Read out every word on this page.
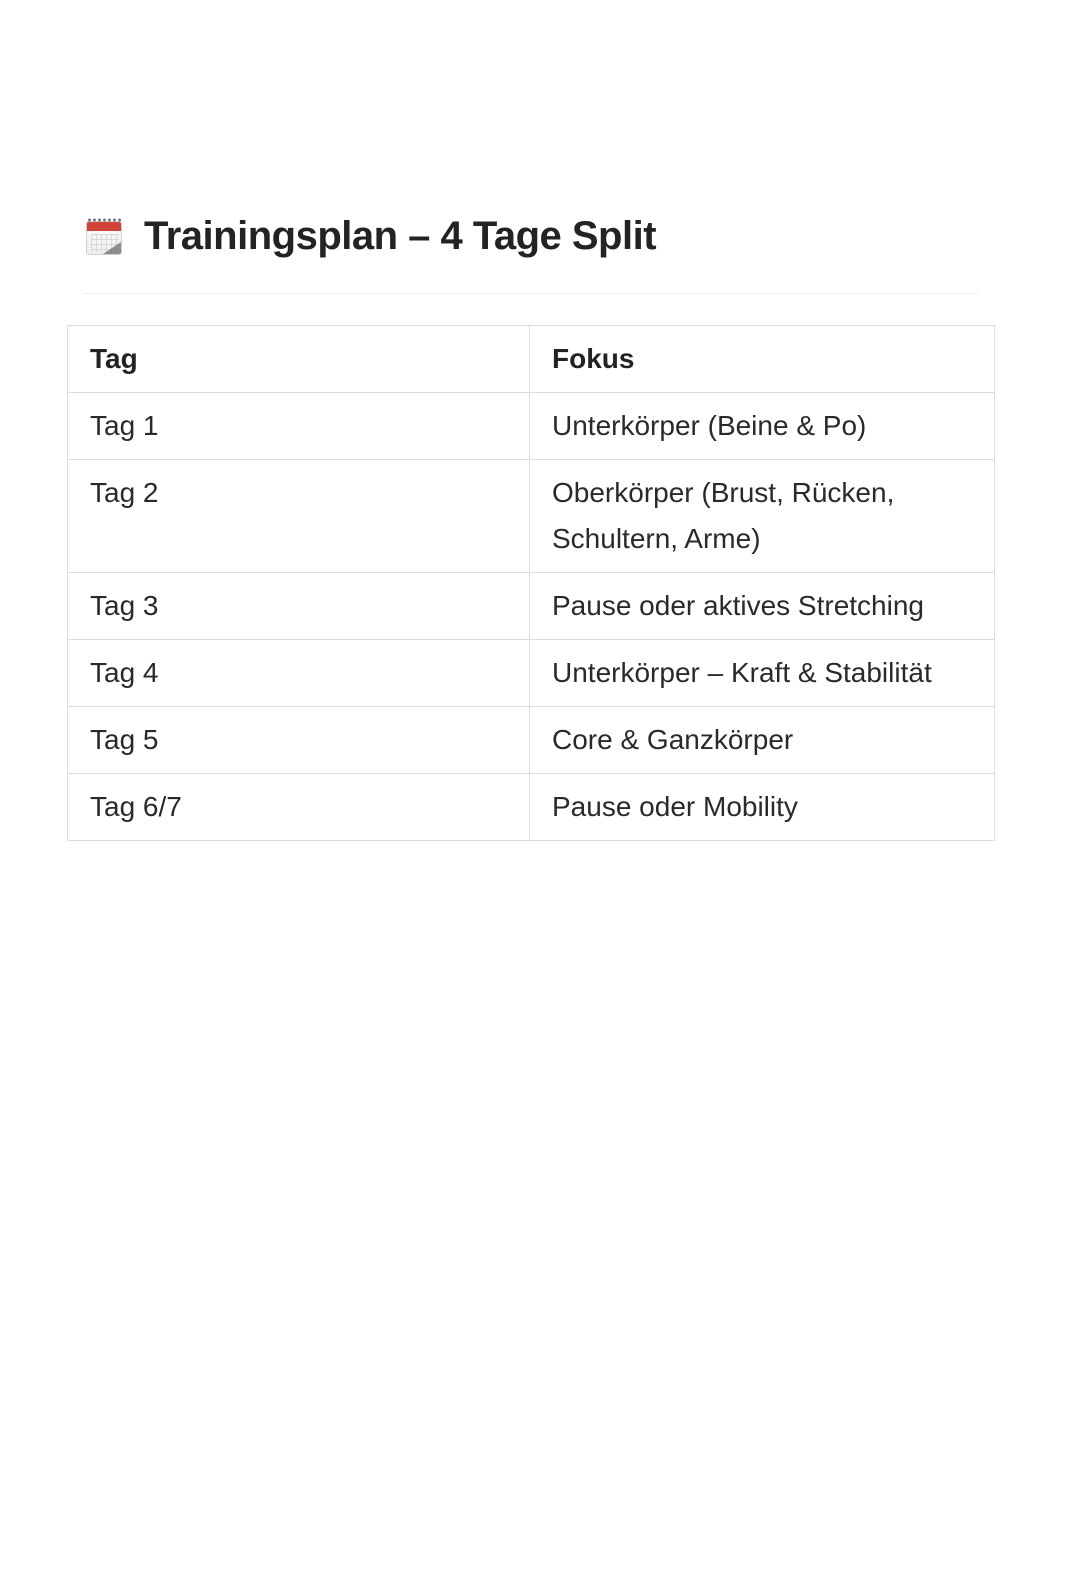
Trainingsplan – 4 Tage Split
Tag	Fokus
Tag 1	Unterkörper (Beine & Po)
Tag 2	Oberkörper (Brust, Rücken, Schultern, Arme)
Tag 3	Pause oder aktives Stretching
Tag 4	Unterkörper – Kraft & Stabilität
Tag 5	Core & Ganzkörper
Tag 6/7	Pause oder Mobility
